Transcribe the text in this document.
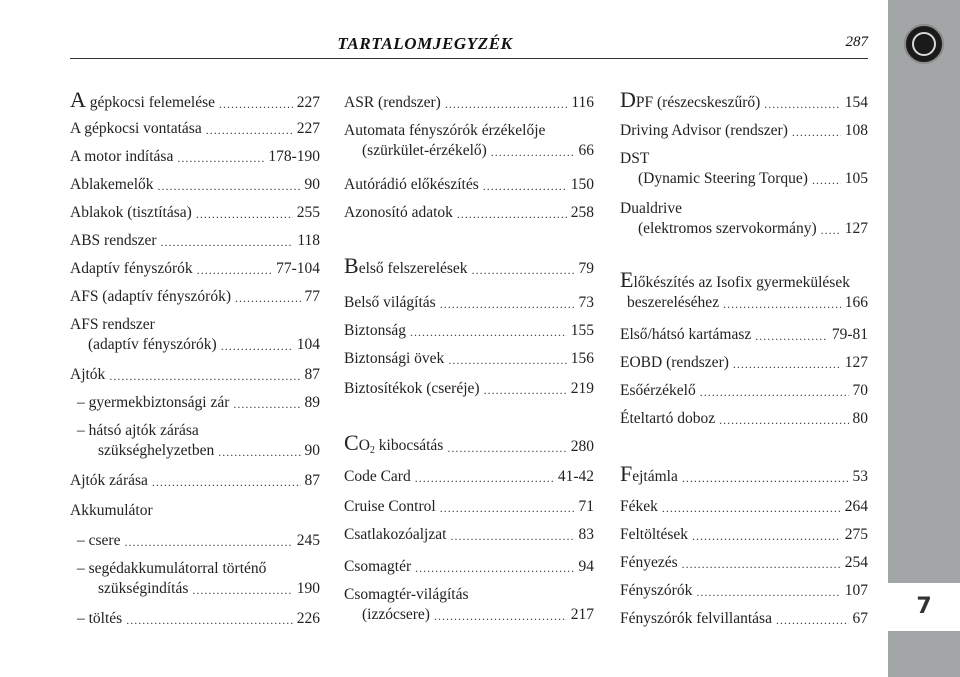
TARTALOMJEGYZÉK	287
7
A gépkocsi felemelése .....	227
A gépkocsi vontatása .....	227
A motor indítása .....	178-190
Ablakemelők .....	90
Ablakok (tisztítása) .....	255
ABS rendszer .....	118
Adaptív fényszórók .....	77-104
AFS (adaptív fényszórók) .....	77
AFS rendszer
(adaptív fényszórók) .....	104
Ajtók .....	87
– gyermekbiztonsági zár .....	89
– hátsó ajtók zárása
szükséghelyzetben .....	90
Ajtók zárása .....	87
Akkumulátor
– csere .....	245
– segédakkumulátorral történő
szükségindítás .....	190
– töltés .....	226
ASR (rendszer) .....	116
Automata fényszórók érzékelője
(szürkület-érzékelő) .....	66
Autórádió előkészítés .....	150
Azonosító adatok .....	258
Belső felszerelések .....	79
Belső világítás .....	73
Biztonság .....	155
Biztonsági övek .....	156
Biztosítékok (cseréje) .....	219
$CO_2$ kibocsátás .....	280
Code Card .....	41-42
Cruise Control .....	71
Csatlakozóaljzat .....	83
Csomagtér .....	94
Csomagtér-világítás
(izzócsere) .....	217
DPF (részecskeszűrő) .....	154
Driving Advisor (rendszer) .....	108
DST
(Dynamic Steering Torque) ..... 105
Dualdrive
(elektromos szervokormány) ..... 127
Előkészítés az Isofix gyermekülések
beszereléséhez .....	166
Első/hátsó kartámasz .....	79-81
EOBD (rendszer) .....	127
Esőérzékelő .....	70
Ételtartó doboz .....	80
Fejtámla .....	53
Fékek .....	264
Feltöltések .....	275
Fényezés .....	254
Fényszórók .....	107
Fényszórók felvillantása .....	67
